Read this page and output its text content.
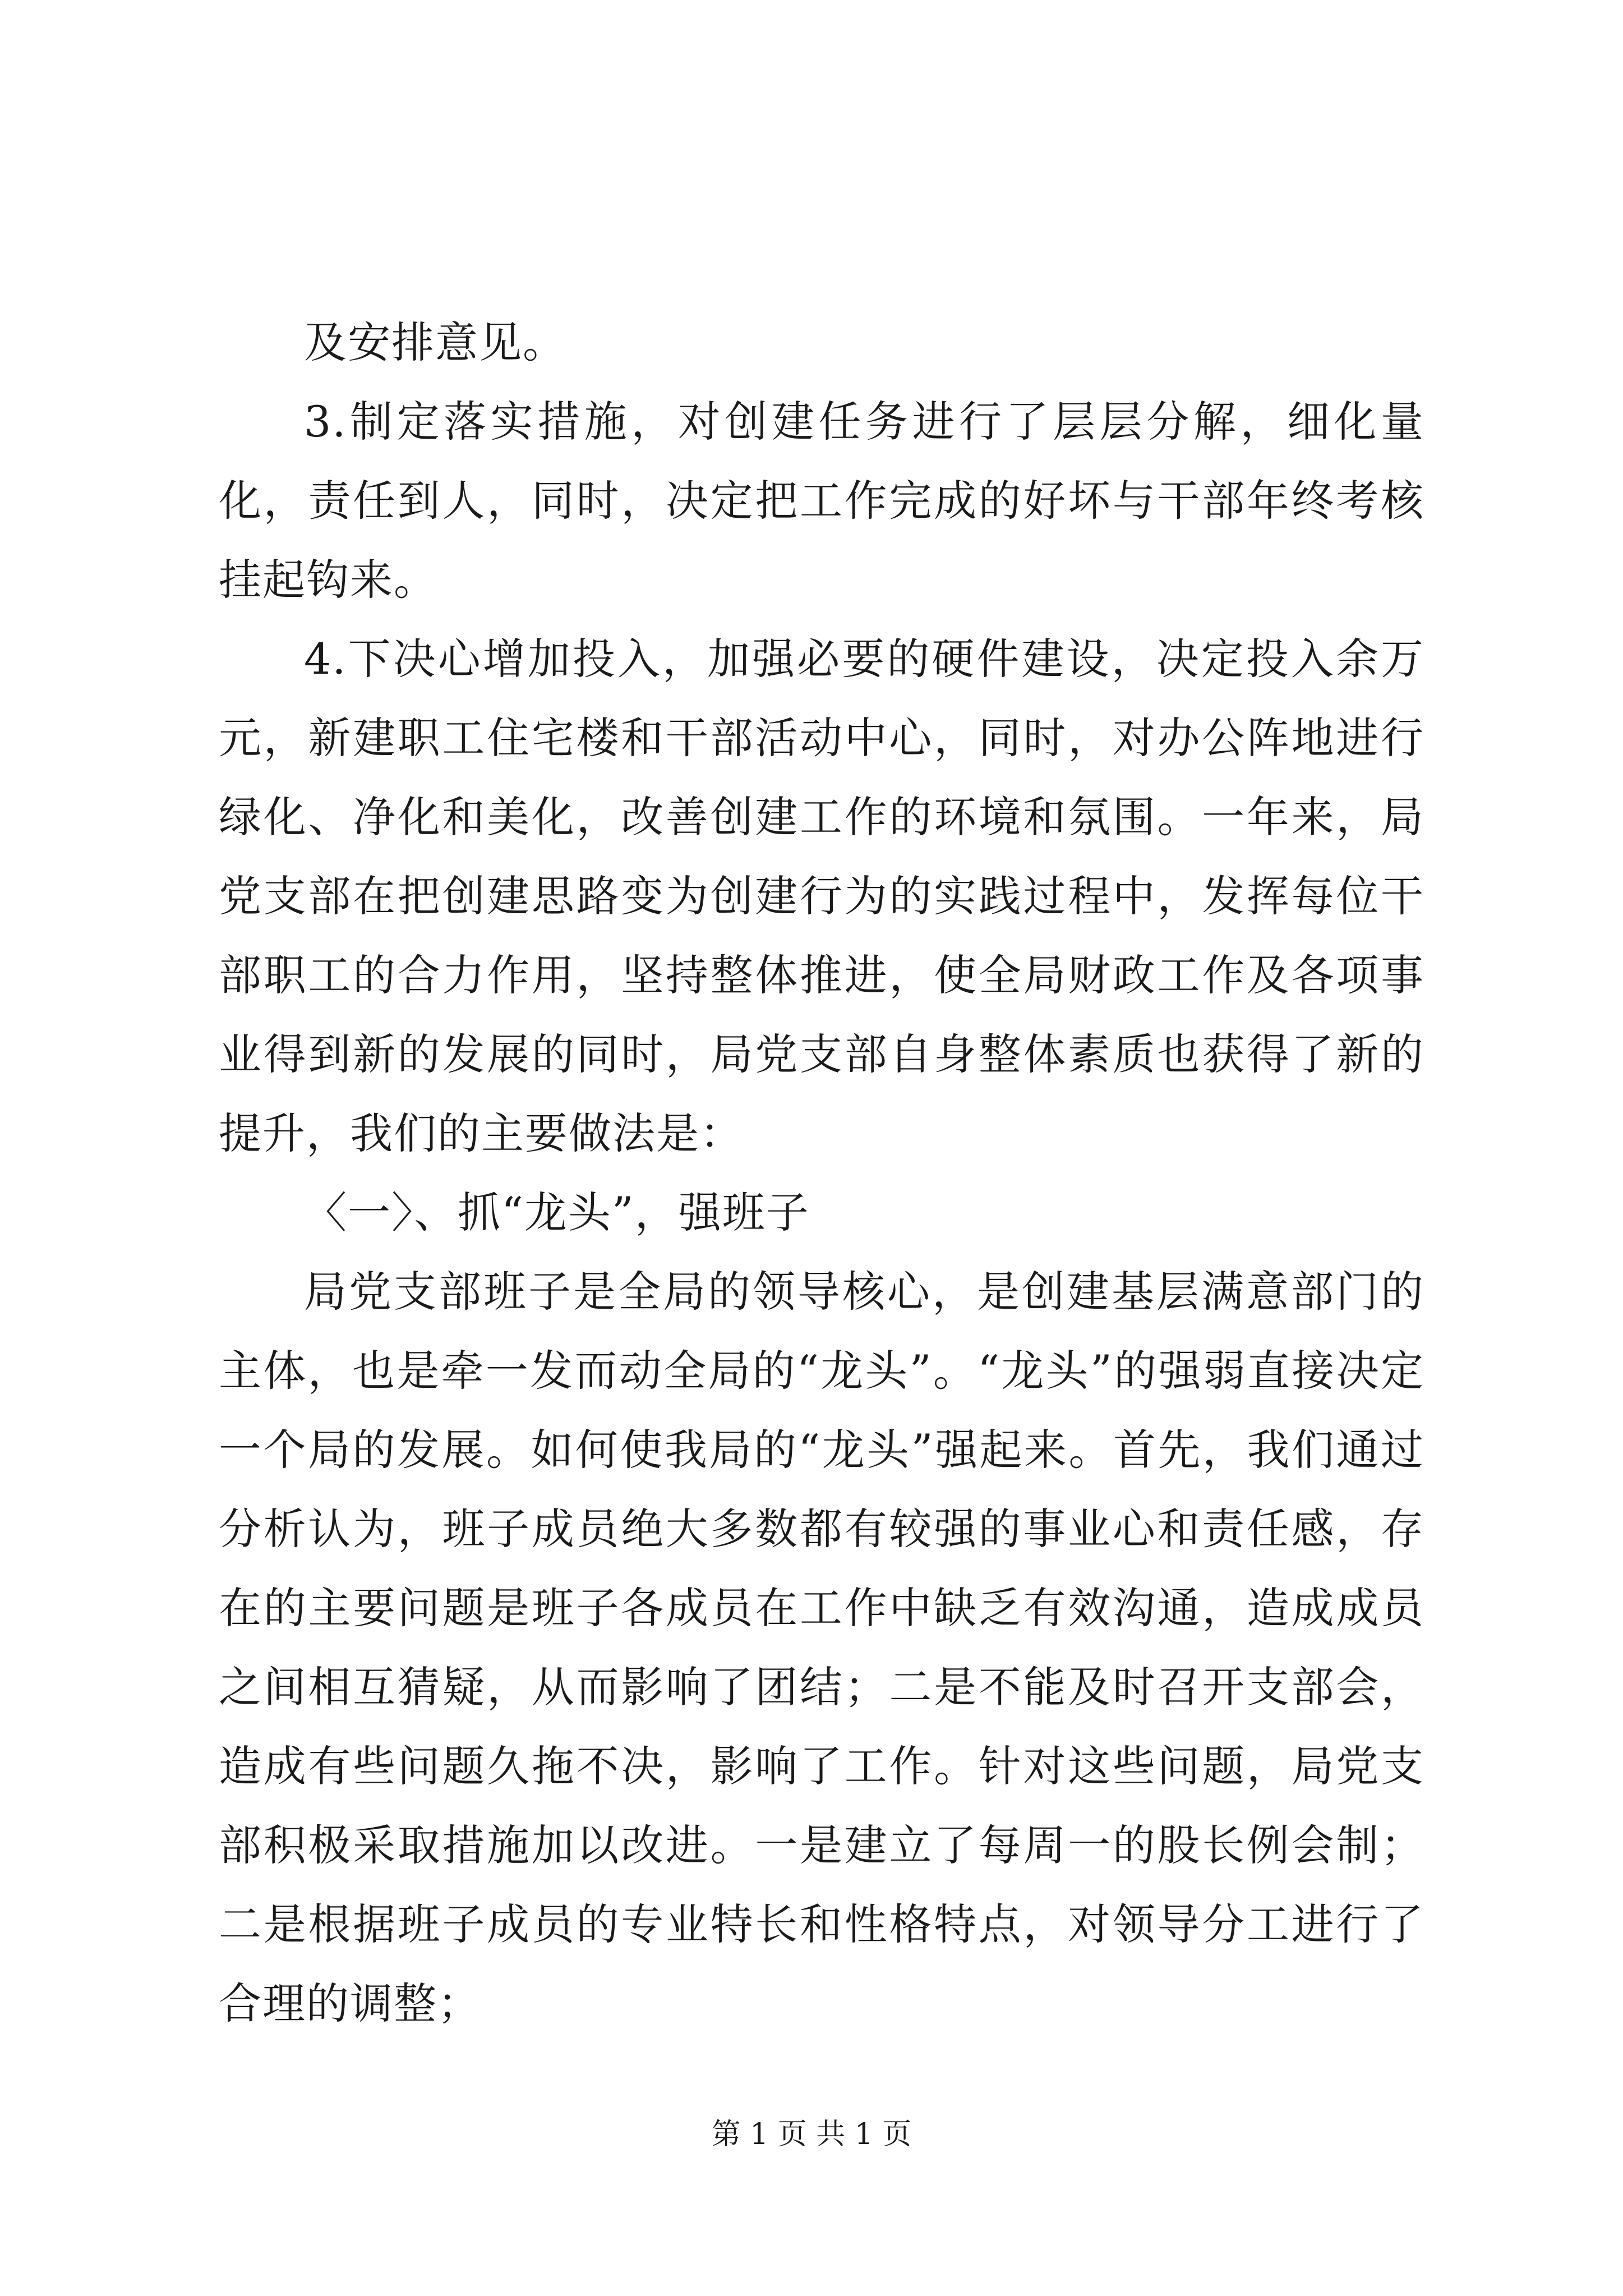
及安排意见。

3.制定落实措施，对创建任务进行了层层分解，细化量化，责任到人，同时，决定把工作完成的好坏与干部年终考核挂起钩来。

4.下决心增加投入，加强必要的硬件建设，决定投入余万元，新建职工住宅楼和干部活动中心，同时，对办公阵地进行绿化、净化和美化，改善创建工作的环境和氛围。一年来，局党支部在把创建思路变为创建行为的实践过程中，发挥每位干部职工的合力作用，坚持整体推进，使全局财政工作及各项事业得到新的发展的同时，局党支部自身整体素质也获得了新的提升，我们的主要做法是：

〈一〉、抓“龙头”，强班子

局党支部班子是全局的领导核心，是创建基层满意部门的主体，也是牵一发而动全局的“龙头”。“龙头”的强弱直接决定一个局的发展。如何使我局的“龙头”强起来。首先，我们通过分析认为，班子成员绝大多数都有较强的事业心和责任感，存在的主要问题是班子各成员在工作中缺乏有效沟通，造成成员之间相互猜疑，从而影响了团结；二是不能及时召开支部会，造成有些问题久拖不决，影响了工作。针对这些问题，局党支部积极采取措施加以改进。一是建立了每周一的股长例会制；二是根据班子成员的专业特长和性格特点，对领导分工进行了合理的调整；

第 1 页 共 1 页
